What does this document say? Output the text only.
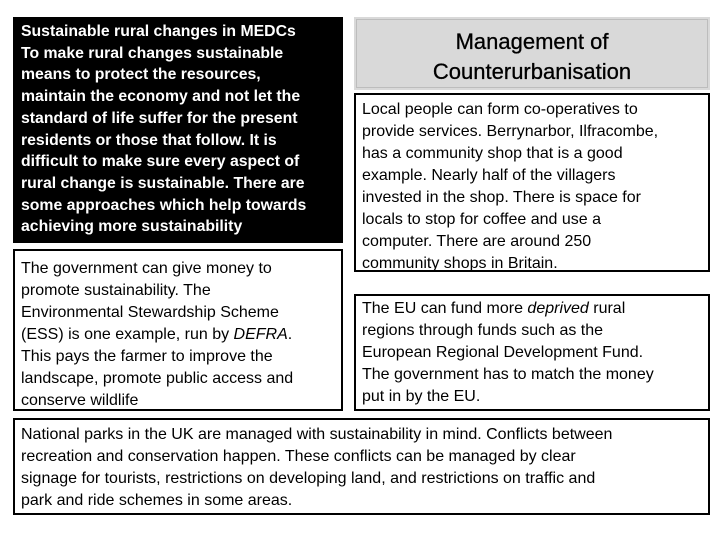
Sustainable rural changes in MEDCs
To make rural changes sustainable
means to protect the resources,
maintain the economy and not let the
standard of life suffer for the present
residents or those that follow. It is
difficult to make sure every aspect of
rural change is sustainable. There are
some approaches which help towards
achieving more sustainability
Management of
Counterurbanisation
Local people can form co-operatives to
provide services. Berrynarbor, Ilfracombe,
has a community shop that is a good
example. Nearly half of the villagers
invested in the shop. There is space for
locals to stop for coffee and use a
computer. There are around 250
community shops in Britain.
The government can give money to
promote sustainability. The
Environmental Stewardship Scheme
(ESS) is one example, run by DEFRA.
This pays the farmer to improve the
landscape, promote public access and
conserve wildlife
The EU can fund more deprived rural
regions through funds such as the
European Regional Development Fund.
The government has to match the money
put in by the EU.
National parks in the UK are managed with sustainability in mind. Conflicts between
recreation and conservation happen. These conflicts can be managed by clear
signage for tourists, restrictions on developing land, and restrictions on traffic and
park and ride schemes in some areas.
